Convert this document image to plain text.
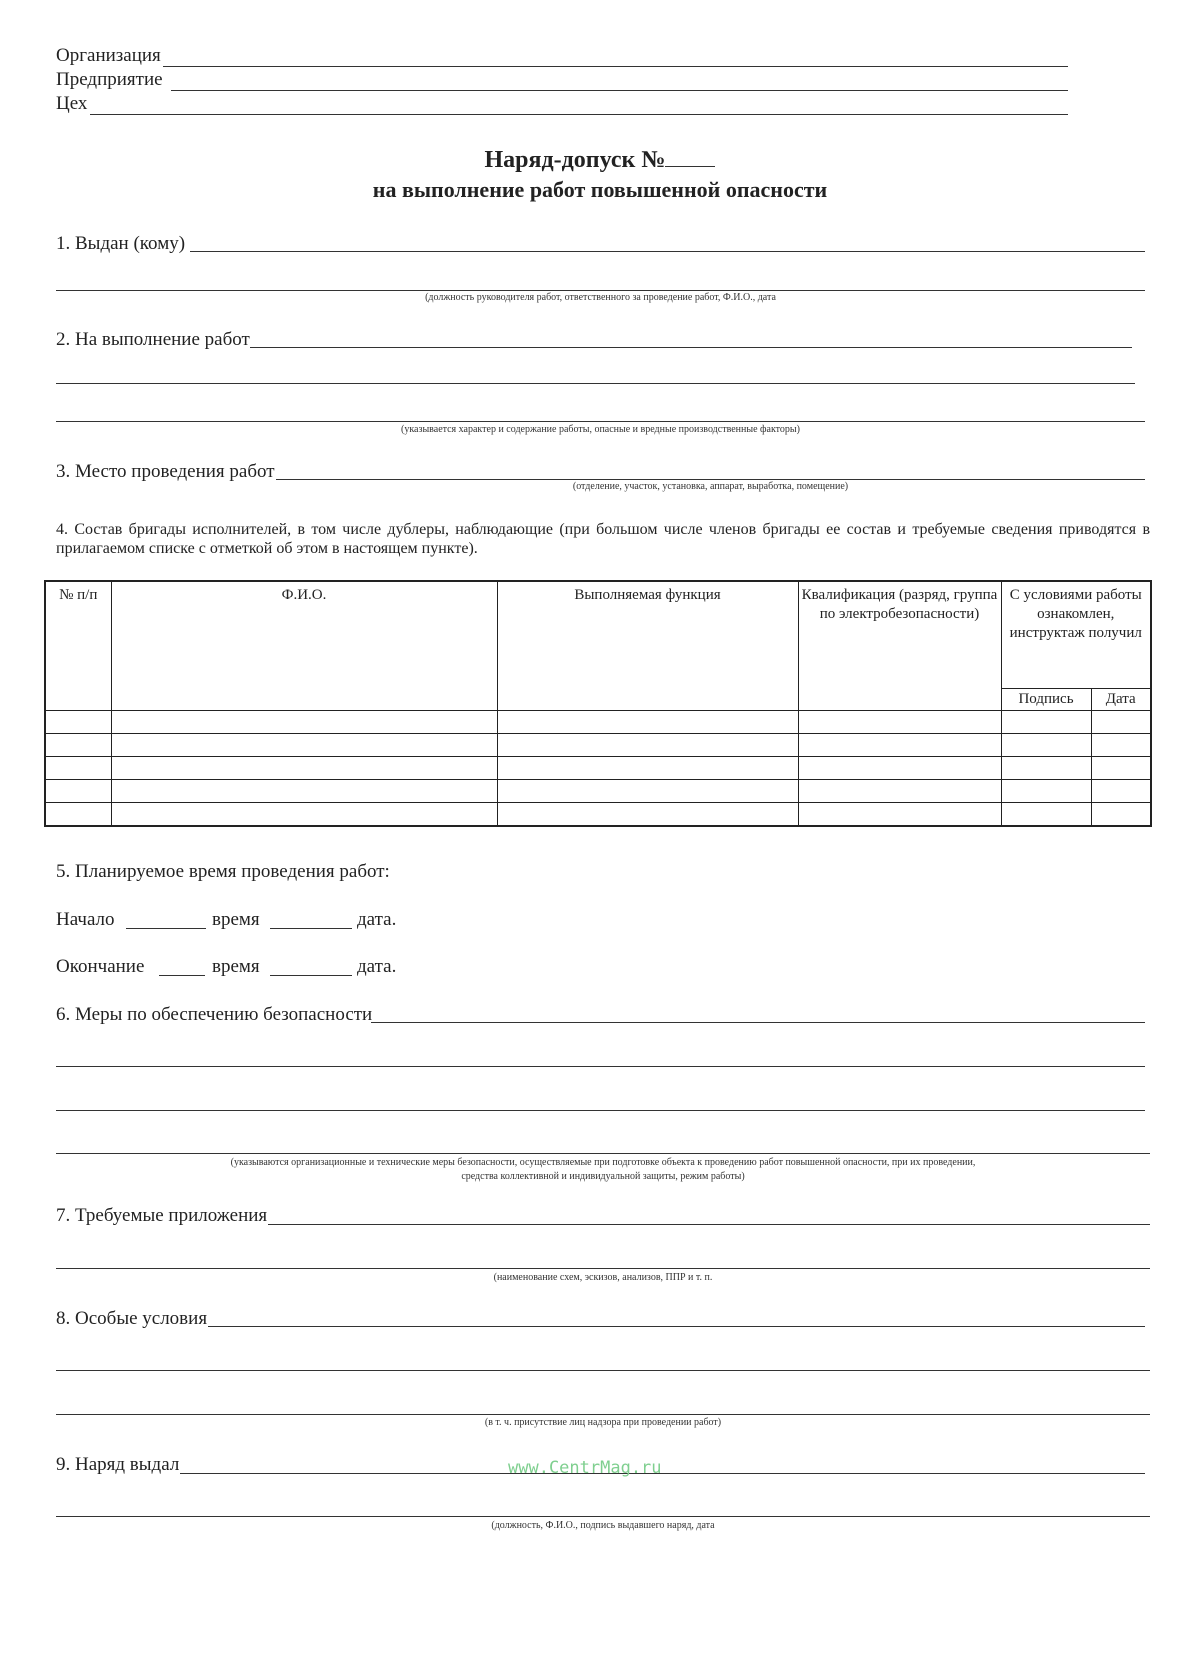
Организация
Предприятие
Цех
Наряд-допуск №
на выполнение работ повышенной опасности
1. Выдан (кому)
(должность руководителя работ, ответственного за проведение работ, Ф.И.О., дата
2. На выполнение работ
(указывается характер и содержание работы, опасные и вредные производственные факторы)
3. Место проведения работ
(отделение, участок, установка, аппарат, выработка, помещение)
4. Состав бригады исполнителей, в том числе дублеры, наблюдающие (при большом числе членов бригады ее состав и требуемые сведения приводятся в прилагаемом списке с отметкой об этом в настоящем пункте).
№ п/п	Ф.И.О.	Выполняемая функция	Квалификация (разряд, группа по электробезопасности)	С условиями работы ознакомлен, инструктаж получил	
				Подпись	Дата

5. Планируемое время проведения работ:
Начало	время	дата.
Окончание	время	дата.
6. Меры по обеспечению безопасности
(указываются организационные и технические меры безопасности, осуществляемые при подготовке объекта к проведению работ повышенной опасности, при их проведении,
средства коллективной и индивидуальной защиты, режим работы)
7. Требуемые приложения
(наименование схем, эскизов, анализов, ППР и т. п.
8. Особые условия
(в т. ч. присутствие лиц надзора при проведении работ)
9. Наряд выдал	www.CentrMag.ru
(должность, Ф.И.О., подпись выдавшего наряд, дата
